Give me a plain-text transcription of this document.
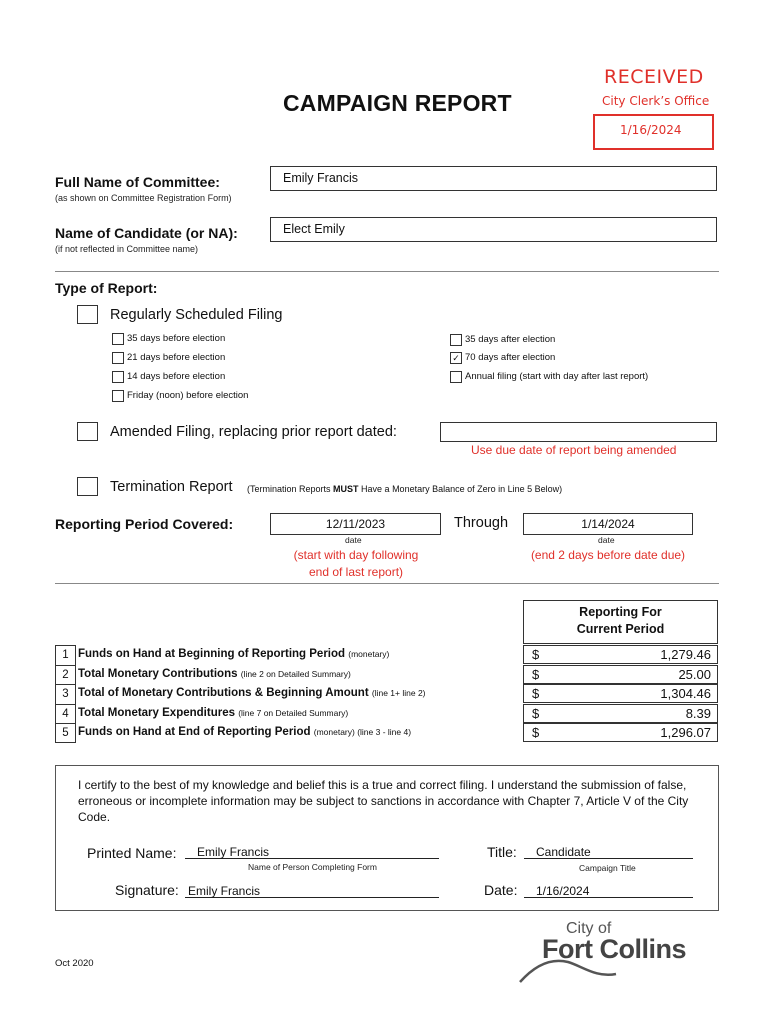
CAMPAIGN REPORT
RECEIVED
City Clerk’s Office
1/16/2024
Full Name of Committee:
(as shown on Committee Registration Form)
Emily Francis
Name of Candidate (or NA):
(if not reflected in Committee name)
Elect Emily
Type of Report:
Regularly Scheduled Filing
35 days before election
21 days before election
14 days before election
Friday (noon) before election
35 days after election
✓ 70 days after election
Annual filing (start with day after last report)
Amended Filing, replacing prior report dated:
Use due date of report being amended
Termination Report (Termination Reports MUST Have a Monetary Balance of Zero in Line 5 Below)
Reporting Period Covered:	12/11/2023	Through	1/14/2024
date	date
(start with day following
end of last report)
(end 2 days before date due)
Reporting For
Current Period
1 Funds on Hand at Beginning of Reporting Period (monetary)	$	1,279.46
2 Total Monetary Contributions (line 2 on Detailed Summary)	$	25.00
3 Total of Monetary Contributions & Beginning Amount (line 1+ line 2)	$	1,304.46
4 Total Monetary Expenditures (line 7 on Detailed Summary)	$	8.39
5 Funds on Hand at End of Reporting Period (monetary) (line 3 - line 4)	$	1,296.07
I certify to the best of my knowledge and belief this is a true and correct filing. I understand the submission of false, erroneous or incomplete information may be subject to sanctions in accordance with Chapter 7, Article V of the City Code.
Printed Name:	Emily Francis
Name of Person Completing Form
Title:	Candidate
Campaign Title
Signature: Emily Francis	Date:	1/16/2024
Oct 2020
City of
Fort Collins
